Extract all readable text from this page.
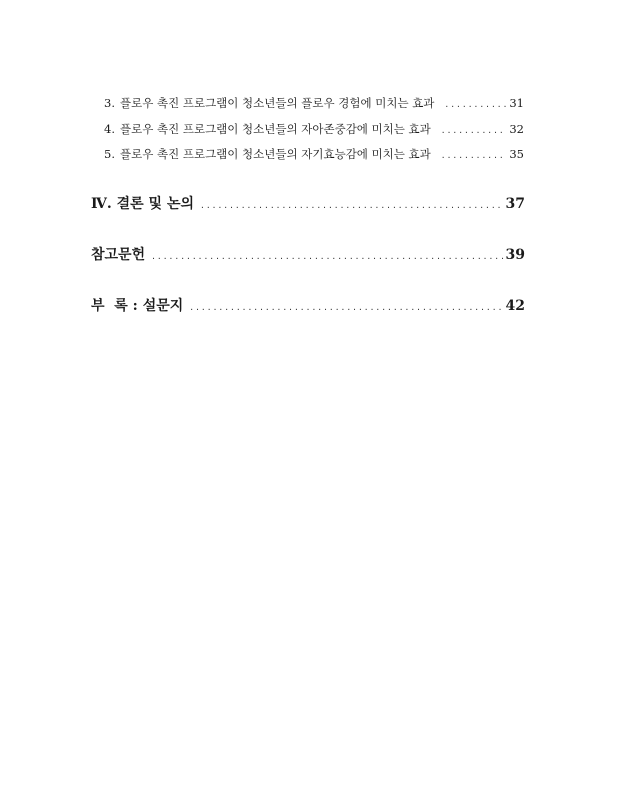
3. 플로우 촉진 프로그램이 청소년들의 플로우 경험에 미치는 효과 .....	31
4. 플로우 촉진 프로그램이 청소년들의 자아존중감에 미치는 효과 .....	32
5. 플로우 촉진 프로그램이 청소년들의 자기효능감에 미치는 효과 .....	35
Ⅳ. 결론 및 논의 .....	37
참고문헌 .....	39
부  록 : 설문지 .....	42
